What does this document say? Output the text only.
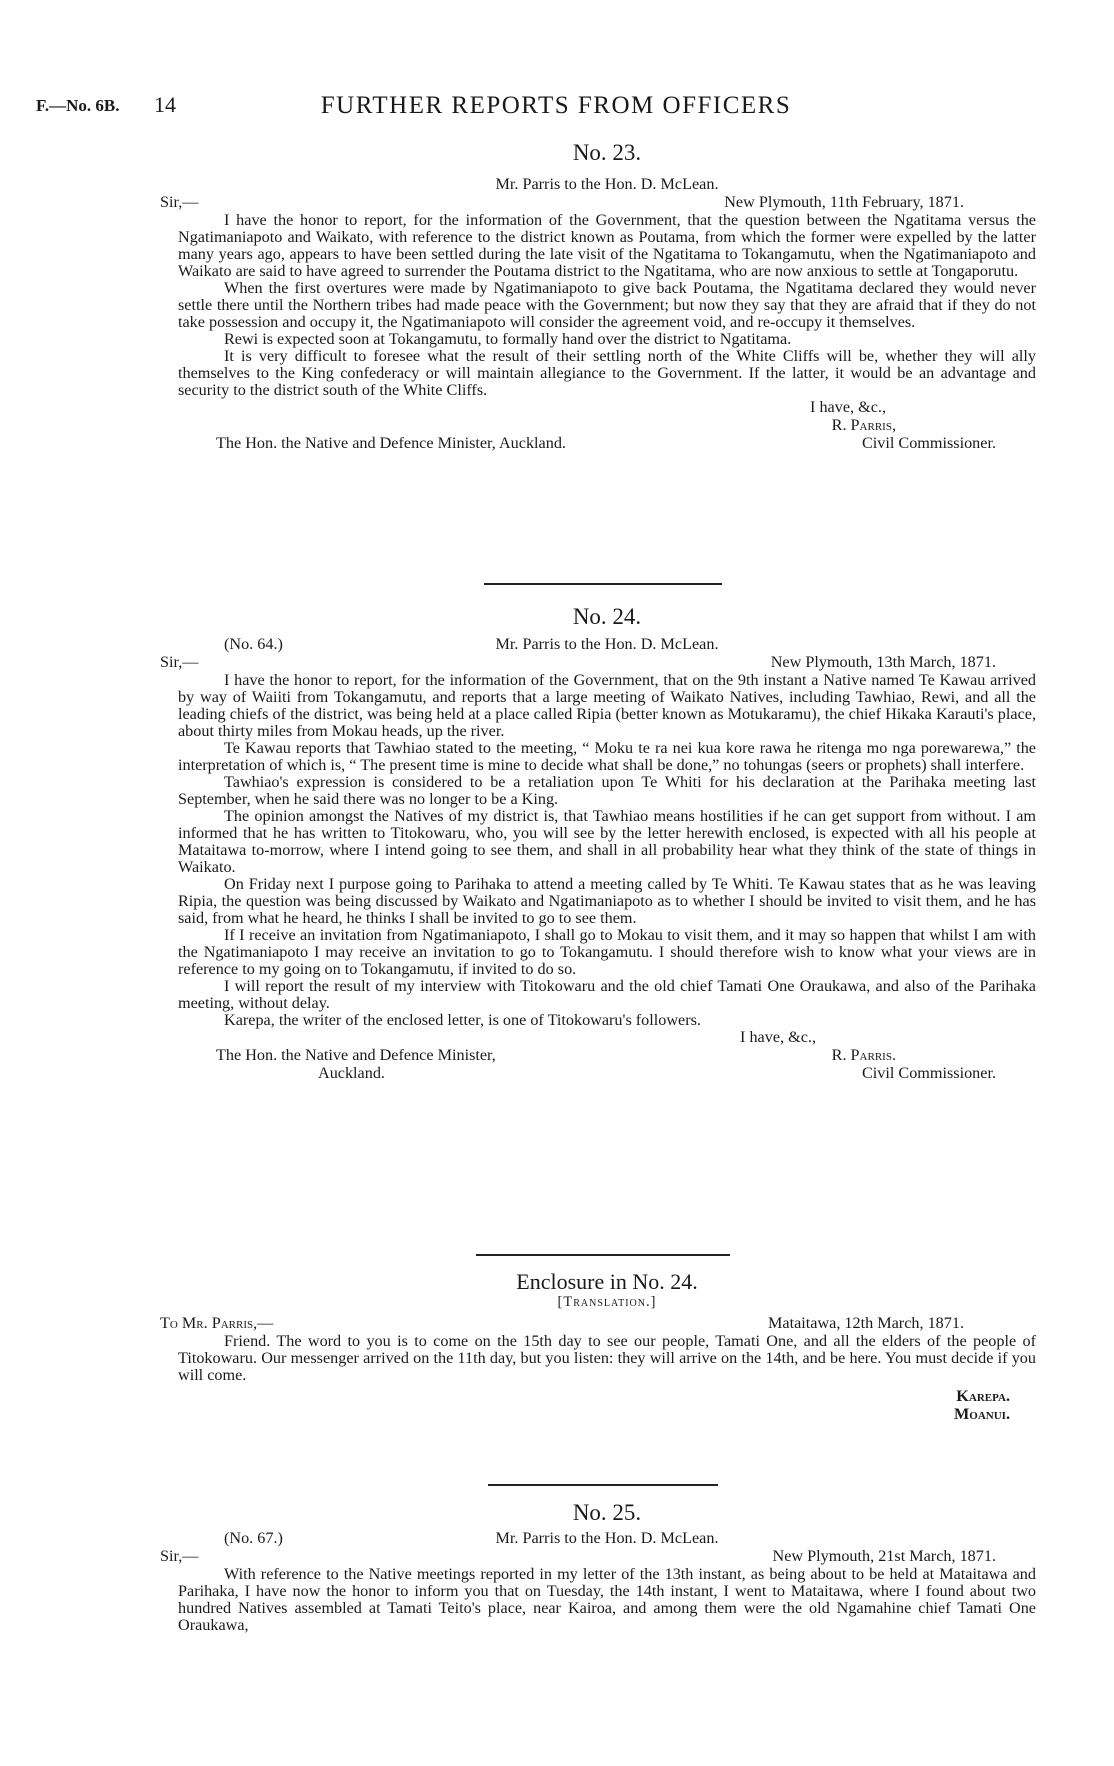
F.—No. 6B. 14	FURTHER REPORTS FROM OFFICERS

No. 23.

Mr. Parris to the Hon. D. McLean.
Sir,—	New Plymouth, 11th February, 1871.

I have the honor to report, for the information of the Government, that the question between the Ngatitama versus the Ngatimaniapoto and Waikato, with reference to the district known as Poutama, from which the former were expelled by the latter many years ago, appears to have been settled during the late visit of the Ngatitama to Tokangamutu, when the Ngatimaniapoto and Waikato are said to have agreed to surrender the Poutama district to the Ngatitama, who are now anxious to settle at Tongaporutu.

When the first overtures were made by Ngatimaniapoto to give back Poutama, the Ngatitama declared they would never settle there until the Northern tribes had made peace with the Government; but now they say that they are afraid that if they do not take possession and occupy it, the Ngatimaniapoto will consider the agreement void, and re-occupy it themselves.

Rewi is expected soon at Tokangamutu, to formally hand over the district to Ngatitama.

It is very difficult to foresee what the result of their settling north of the White Cliffs will be, whether they will ally themselves to the King confederacy or will maintain allegiance to the Government. If the latter, it would be an advantage and security to the district south of the White Cliffs.

I have, &c.,
R. Parris,
The Hon. the Native and Defence Minister, Auckland.	Civil Commissioner.

No. 24.

(No. 64.)	Mr. Parris to the Hon. D. McLean.
Sir,—	New Plymouth, 13th March, 1871.

I have the honor to report, for the information of the Government, that on the 9th instant a Native named Te Kawau arrived by way of Waiiti from Tokangamutu, and reports that a large meeting of Waikato Natives, including Tawhiao, Rewi, and all the leading chiefs of the district, was being held at a place called Ripia (better known as Motukaramu), the chief Hikaka Karauti's place, about thirty miles from Mokau heads, up the river.

Te Kawau reports that Tawhiao stated to the meeting, “ Moku te ra nei kua kore rawa he ritenga mo nga porewarewa,” the interpretation of which is, “ The present time is mine to decide what shall be done,” no tohungas (seers or prophets) shall interfere.

Tawhiao's expression is considered to be a retaliation upon Te Whiti for his declaration at the Parihaka meeting last September, when he said there was no longer to be a King.

The opinion amongst the Natives of my district is, that Tawhiao means hostilities if he can get support from without. I am informed that he has written to Titokowaru, who, you will see by the letter herewith enclosed, is expected with all his people at Mataitawa to-morrow, where I intend going to see them, and shall in all probability hear what they think of the state of things in Waikato.

On Friday next I purpose going to Parihaka to attend a meeting called by Te Whiti. Te Kawau states that as he was leaving Ripia, the question was being discussed by Waikato and Ngatimaniapoto as to whether I should be invited to visit them, and he has said, from what he heard, he thinks I shall be invited to go to see them.

If I receive an invitation from Ngatimaniapoto, I shall go to Mokau to visit them, and it may so happen that whilst I am with the Ngatimaniapoto I may receive an invitation to go to Tokangamutu. I should therefore wish to know what your views are in reference to my going on to Tokangamutu, if invited to do so.

I will report the result of my interview with Titokowaru and the old chief Tamati One Oraukawa, and also of the Parihaka meeting, without delay.

Karepa, the writer of the enclosed letter, is one of Titokowaru's followers.

I have, &c.,
The Hon. the Native and Defence Minister,	R. Parris.
Auckland.	Civil Commissioner.

Enclosure in No. 24.

[Translation.]

To Mr. Parris,—	Mataitawa, 12th March, 1871.

Friend. The word to you is to come on the 15th day to see our people, Tamati One, and all the elders of the people of Titokowaru. Our messenger arrived on the 11th day, but you listen: they will arrive on the 14th, and be here. You must decide if you will come.

Karepa.
Moanui.

No. 25.

(No. 67.)	Mr. Parris to the Hon. D. McLean.
Sir,—	New Plymouth, 21st March, 1871.

With reference to the Native meetings reported in my letter of the 13th instant, as being about to be held at Mataitawa and Parihaka, I have now the honor to inform you that on Tuesday, the 14th instant, I went to Mataitawa, where I found about two hundred Natives assembled at Tamati Teito's place, near Kairoa, and among them were the old Ngamahine chief Tamati One Oraukawa,
